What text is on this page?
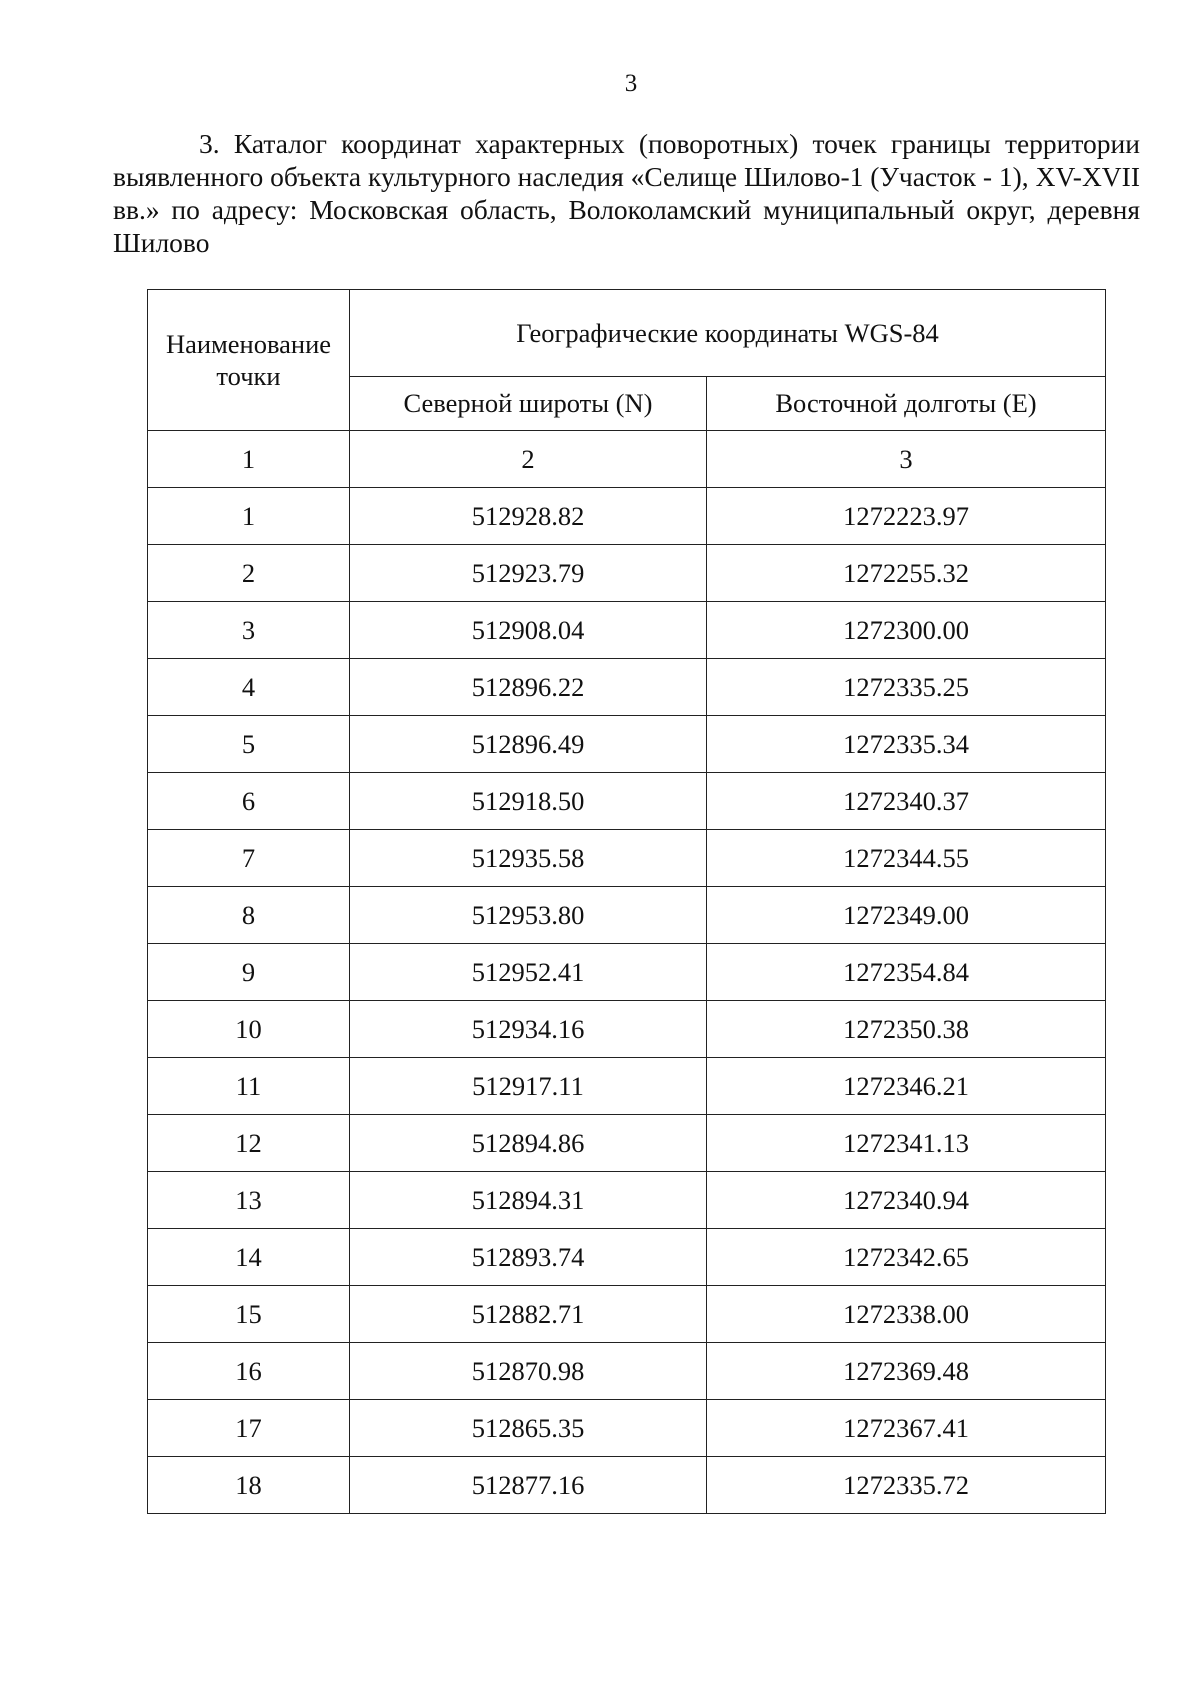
3

3. Каталог координат характерных (поворотных) точек границы территории выявленного объекта культурного наследия «Селище Шилово-1 (Участок - 1), XV-XVII вв.» по адресу: Московская область, Волоколамский муниципальный округ, деревня Шилово

Наименование точки	Географические координаты WGS-84	
	Северной широты (N)	Восточной долготы (E)
1	2	3
1	512928.82	1272223.97
2	512923.79	1272255.32
3	512908.04	1272300.00
4	512896.22	1272335.25
5	512896.49	1272335.34
6	512918.50	1272340.37
7	512935.58	1272344.55
8	512953.80	1272349.00
9	512952.41	1272354.84
10	512934.16	1272350.38
11	512917.11	1272346.21
12	512894.86	1272341.13
13	512894.31	1272340.94
14	512893.74	1272342.65
15	512882.71	1272338.00
16	512870.98	1272369.48
17	512865.35	1272367.41
18	512877.16	1272335.72
